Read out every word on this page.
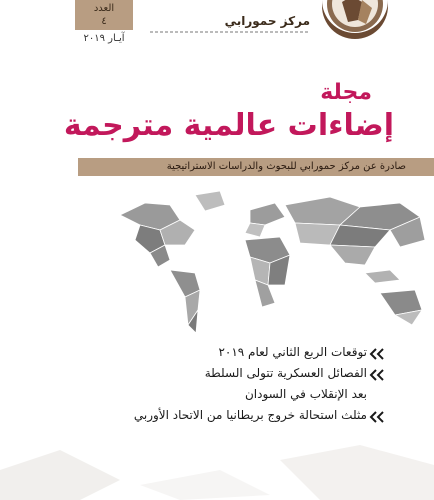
العدد
٤
آيـار ٢٠١٩
مركز حمورابي
مجلة
إضاءات عالمية مترجمة
صادرة عن مركز حمورابي للبحوث والدراسات الاستراتيجية
توقعات الربع الثاني لعام ٢٠١٩
الفصائل العسكرية تتولى السلطة
بعد الإنقلاب في السودان
مثلث استحالة خروج بريطانيا من الاتحاد الأوربي
